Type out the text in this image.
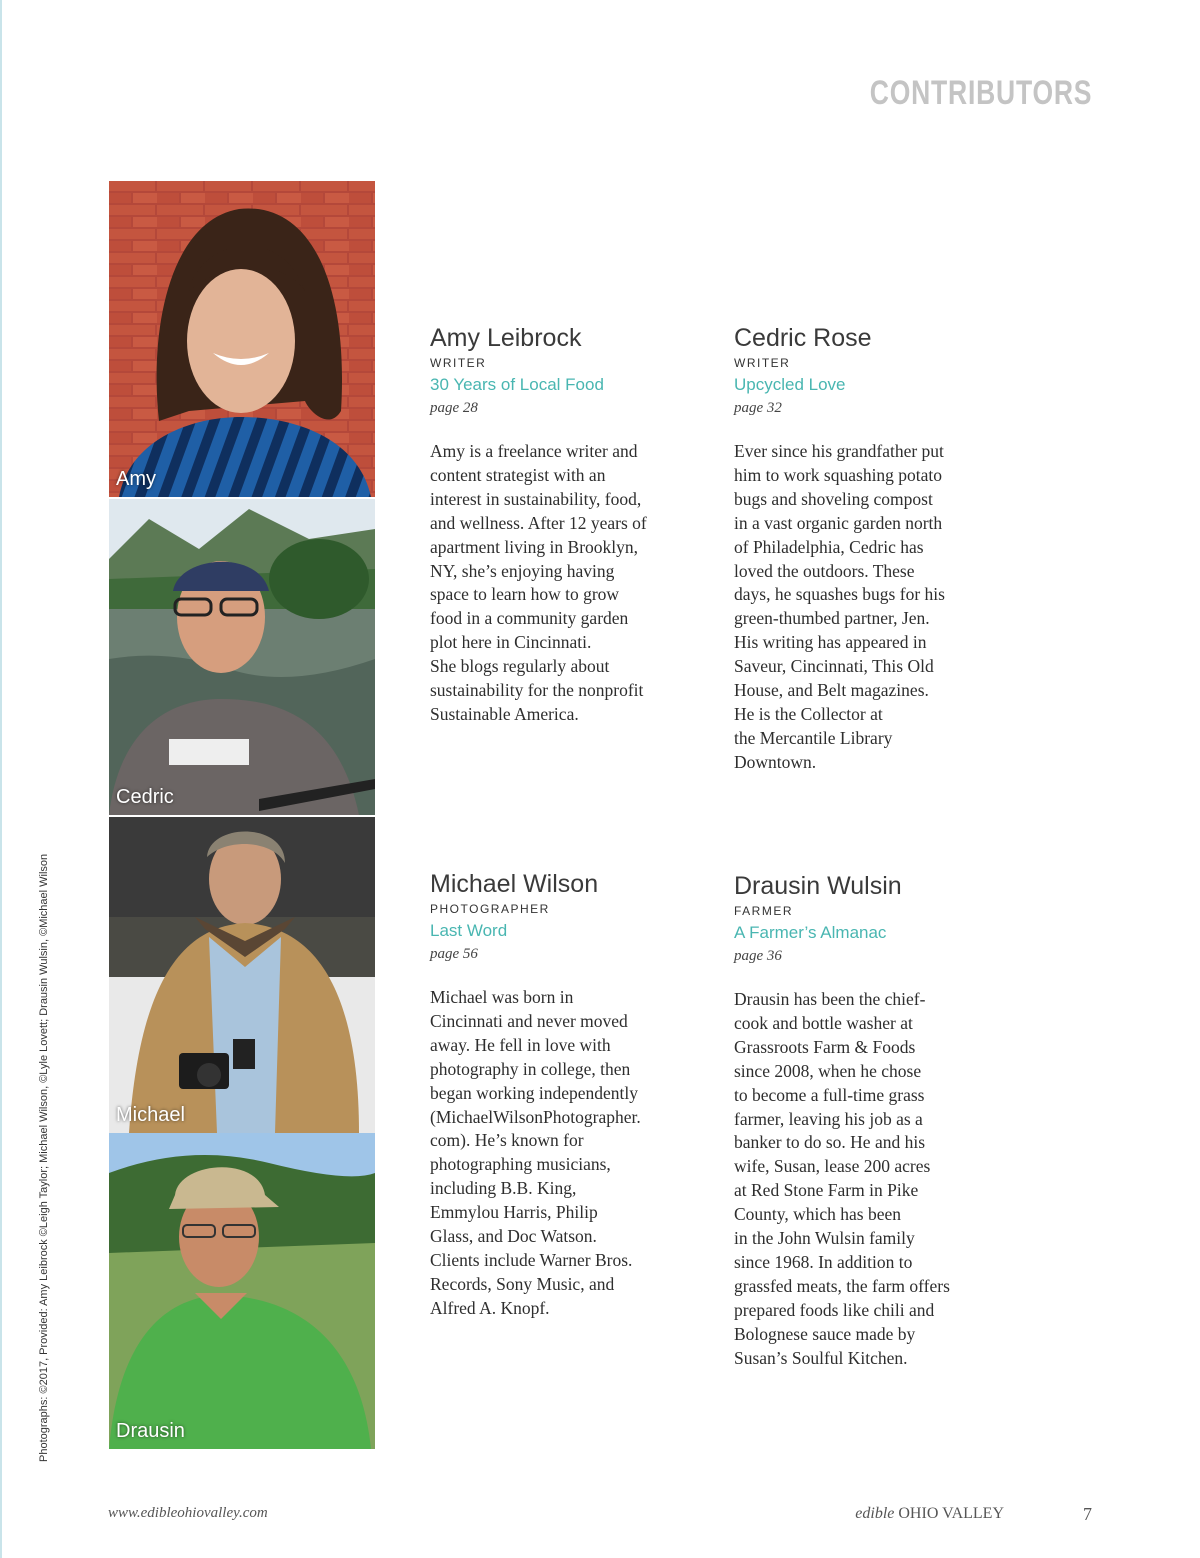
CONTRIBUTORS
Photographs: ©2017, Provided: Amy Leibrock ©Leigh Taylor; Michael Wilson, ©Lyle Lovett; Drausin Wulsin, ©Michael Wilson
Amy
Cedric
Michael
Drausin
Amy Leibrock
WRITER
30 Years of Local Food
page 28
Amy is a freelance writer and
content strategist with an
interest in sustainability, food,
and wellness. After 12 years of
apartment living in Brooklyn,
NY, she’s enjoying having
space to learn how to grow
food in a community garden
plot here in Cincinnati.
She blogs regularly about
sustainability for the nonprofit
Sustainable America.
Cedric Rose
WRITER
Upcycled Love
page 32
Ever since his grandfather put
him to work squashing potato
bugs and shoveling compost
in a vast organic garden north
of Philadelphia, Cedric has
loved the outdoors. These
days, he squashes bugs for his
green-thumbed partner, Jen.
His writing has appeared in
Saveur, Cincinnati, This Old
House, and Belt magazines.
He is the Collector at
the Mercantile Library
Downtown.
Michael Wilson
PHOTOGRAPHER
Last Word
page 56
Michael was born in
Cincinnati and never moved
away. He fell in love with
photography in college, then
began working independently
(MichaelWilsonPhotographer.
com). He’s known for
photographing musicians,
including B.B. King,
Emmylou Harris, Philip
Glass, and Doc Watson.
Clients include Warner Bros.
Records, Sony Music, and
Alfred A. Knopf.
Drausin Wulsin
FARMER
A Farmer’s Almanac
page 36
Drausin has been the chief-
cook and bottle washer at
Grassroots Farm & Foods
since 2008, when he chose
to become a full-time grass
farmer, leaving his job as a
banker to do so. He and his
wife, Susan, lease 200 acres
at Red Stone Farm in Pike
County, which has been
in the John Wulsin family
since 1968. In addition to
grassfed meats, the farm offers
prepared foods like chili and
Bolognese sauce made by
Susan’s Soulful Kitchen.
www.edibleohiovalley.com	edible OHIO VALLEY	7
